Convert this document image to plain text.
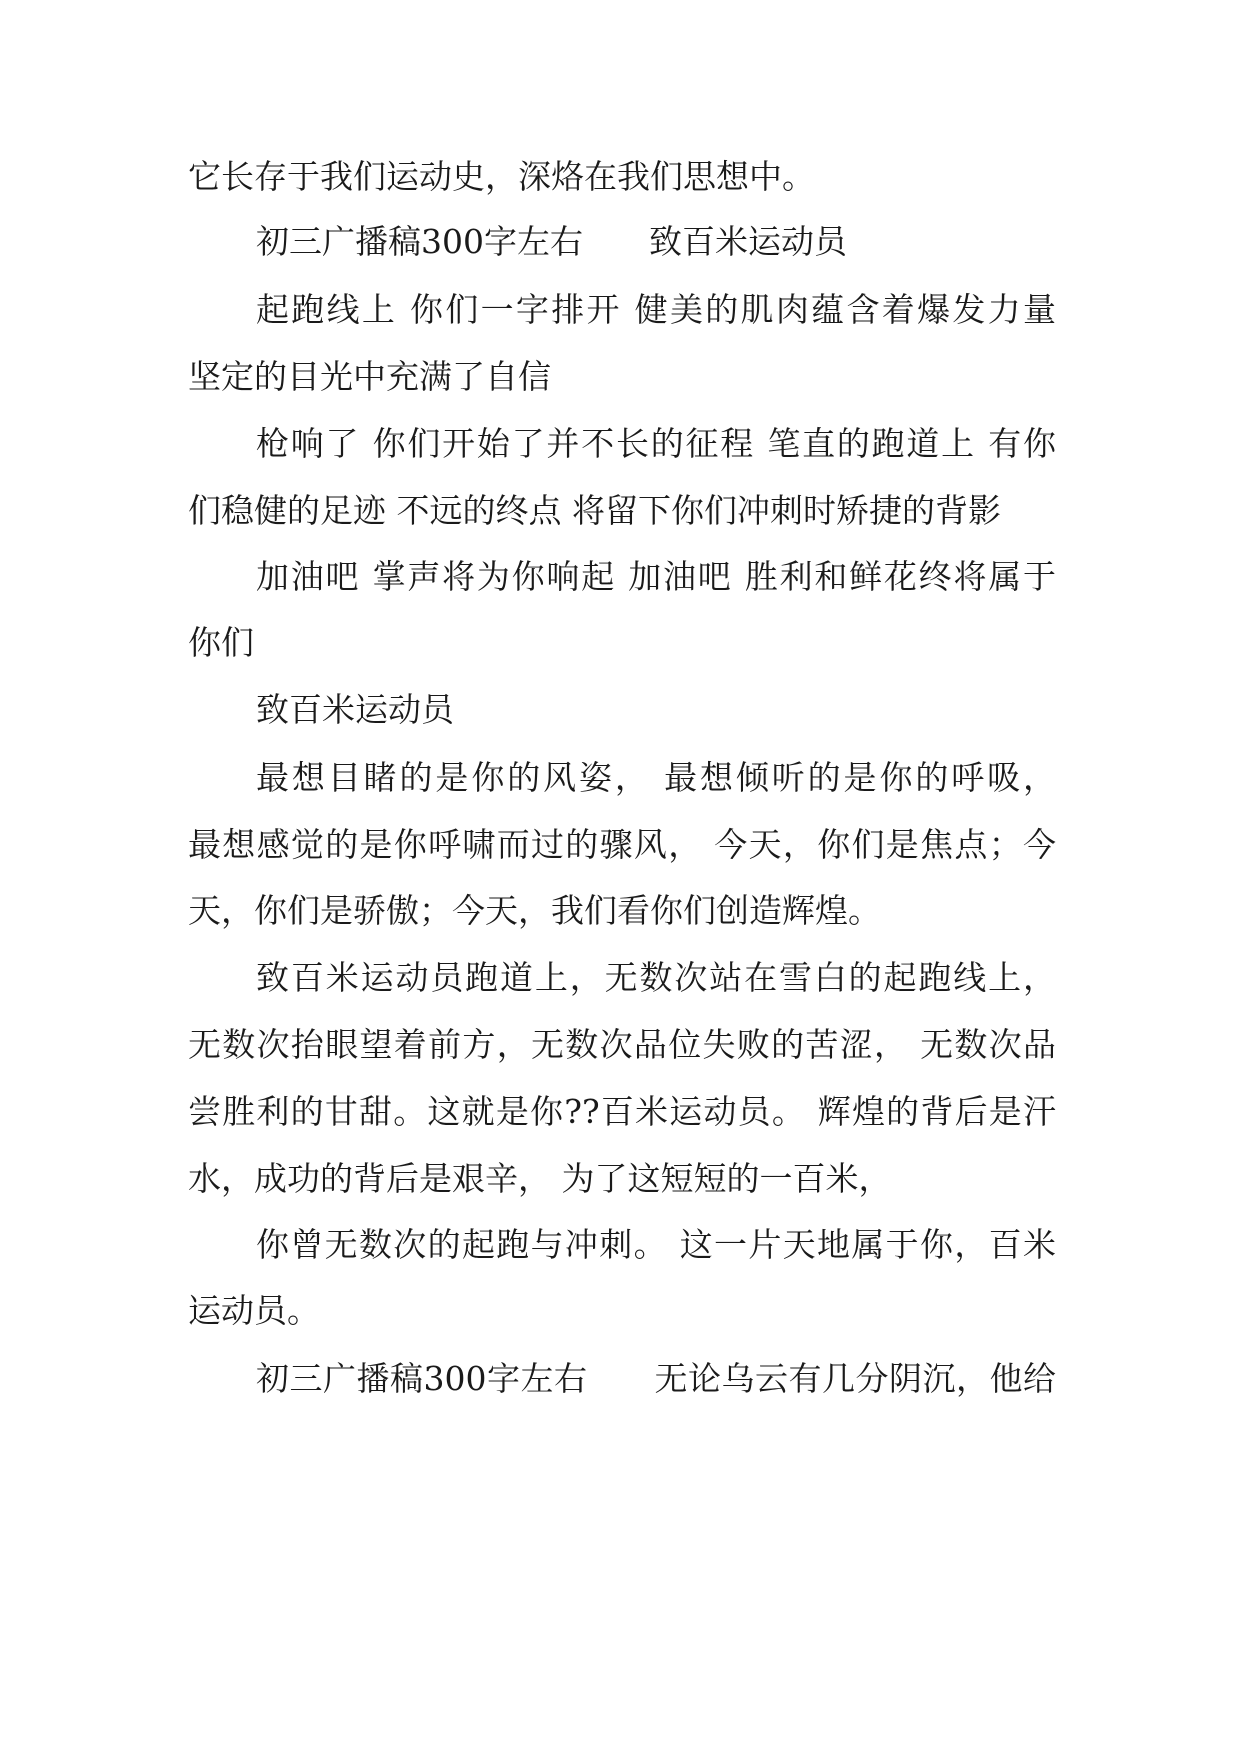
它长存于我们运动史，深烙在我们思想中。

初三广播稿300字左右　　致百米运动员

起跑线上 你们一字排开 健美的肌肉蕴含着爆发力量

坚定的目光中充满了自信

枪响了 你们开始了并不长的征程 笔直的跑道上 有你

们稳健的足迹 不远的终点 将留下你们冲刺时矫捷的背影

加油吧 掌声将为你响起 加油吧 胜利和鲜花终将属于

你们

致百米运动员

最想目睹的是你的风姿， 最想倾听的是你的呼吸，

最想感觉的是你呼啸而过的骤风， 今天，你们是焦点；今

天，你们是骄傲；今天，我们看你们创造辉煌。

致百米运动员跑道上，无数次站在雪白的起跑线上，

无数次抬眼望着前方，无数次品位失败的苦涩， 无数次品

尝胜利的甘甜。这就是你??百米运动员。 辉煌的背后是汗

水，成功的背后是艰辛， 为了这短短的一百米，

你曾无数次的起跑与冲刺。 这一片天地属于你，百米

运动员。

初三广播稿300字左右　　无论乌云有几分阴沉，他给
